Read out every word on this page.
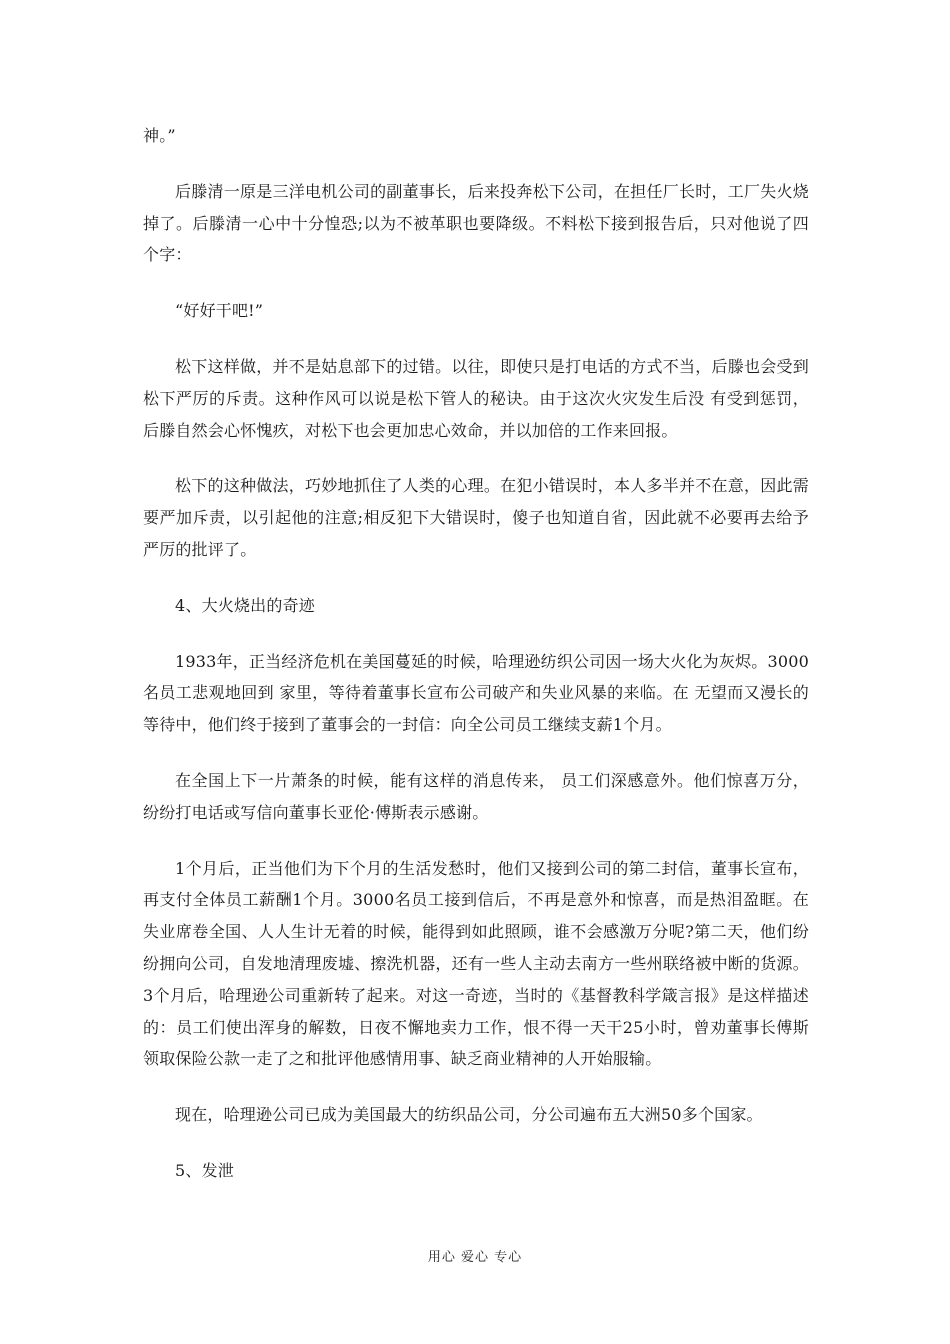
神。”

后滕清一原是三洋电机公司的副董事长，后来投奔松下公司，在担任厂长时，工厂失火烧掉了。后滕清一心中十分惶恐;以为不被革职也要降级。不料松下接到报告后，只对他说了四个字：

“好好干吧!”

松下这样做，并不是姑息部下的过错。以往，即使只是打电话的方式不当，后滕也会受到松下严厉的斥责。这种作风可以说是松下管人的秘诀。由于这次火灾发生后没 有受到惩罚，后滕自然会心怀愧疚，对松下也会更加忠心效命，并以加倍的工作来回报。

松下的这种做法，巧妙地抓住了人类的心理。在犯小错误时，本人多半并不在意，因此需要严加斥责，以引起他的注意;相反犯下大错误时，傻子也知道自省，因此就不必要再去给予严厉的批评了。

4、大火烧出的奇迹

1933年，正当经济危机在美国蔓延的时候，哈理逊纺织公司因一场大火化为灰烬。3000名员工悲观地回到 家里，等待着董事长宣布公司破产和失业风暴的来临。在 无望而又漫长的等待中，他们终于接到了董事会的一封信：向全公司员工继续支薪1个月。

在全国上下一片萧条的时候，能有这样的消息传来， 员工们深感意外。他们惊喜万分，纷纷打电话或写信向董事长亚伦·傅斯表示感谢。

1个月后，正当他们为下个月的生活发愁时，他们又接到公司的第二封信，董事长宣布，再支付全体员工薪酬1个月。3000名员工接到信后，不再是意外和惊喜，而是热泪盈眶。在失业席卷全国、人人生计无着的时候，能得到如此照顾，谁不会感激万分呢?第二天，他们纷纷拥向公司，自发地清理废墟、擦洗机器，还有一些人主动去南方一些州联络被中断的货源。3个月后，哈理逊公司重新转了起来。对这一奇迹，当时的《基督教科学箴言报》是这样描述的：员工们使出浑身的解数，日夜不懈地卖力工作，恨不得一天干25小时，曾劝董事长傅斯领取保险公款一走了之和批评他感情用事、缺乏商业精神的人开始服输。

现在，哈理逊公司已成为美国最大的纺织品公司，分公司遍布五大洲50多个国家。

5、发泄

用心 爱心 专心
